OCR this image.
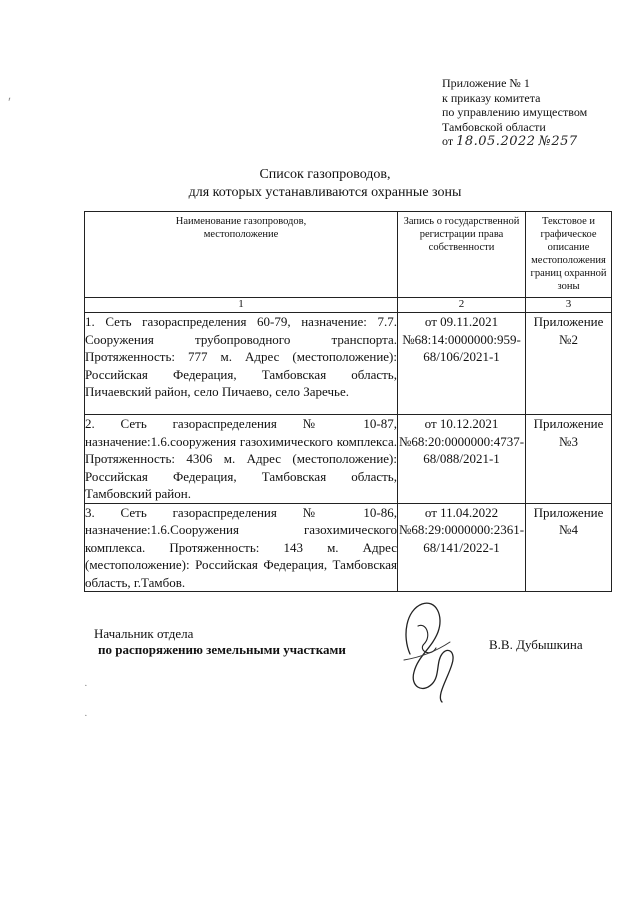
ʹ
Приложение № 1
к приказу комитета
по управлению имуществом
Тамбовской области
от 18.05.2022 №257
Список газопроводов,
для которых устанавливаются охранные зоны
Наименование газопроводов, местоположение	Запись о государственной регистрации права собственности	Текстовое и графическое описание местоположения границ охранной зоны
1	2	3
1. Сеть газораспределения 60-79, назначение: 7.7. Сооружения трубопроводного транспорта. Протяженность: 777 м. Адрес (местоположение): Российская Федерация, Тамбовская область, Пичаевский район, село Пичаево, село Заречье.	от 09.11.2021 №68:14:0000000:959-68/106/2021-1	Приложение №2
2. Сеть газораспределения № 10-87, назначение:1.6.сооружения газохимического комплекса. Протяженность: 4306 м. Адрес (местоположение): Российская Федерация, Тамбовская область, Тамбовский район.	от 10.12.2021 №68:20:0000000:4737-68/088/2021-1	Приложение №3
3. Сеть газораспределения № 10-86, назначение:1.6.Сооружения газохимического комплекса. Протяженность: 143 м. Адрес (местоположение): Российская Федерация, Тамбовская область, г.Тамбов.	от 11.04.2022 №68:29:0000000:2361-68/141/2022-1	Приложение №4
Начальник отдела
по распоряжению земельными участками	В.В. Дубышкина
·
·
